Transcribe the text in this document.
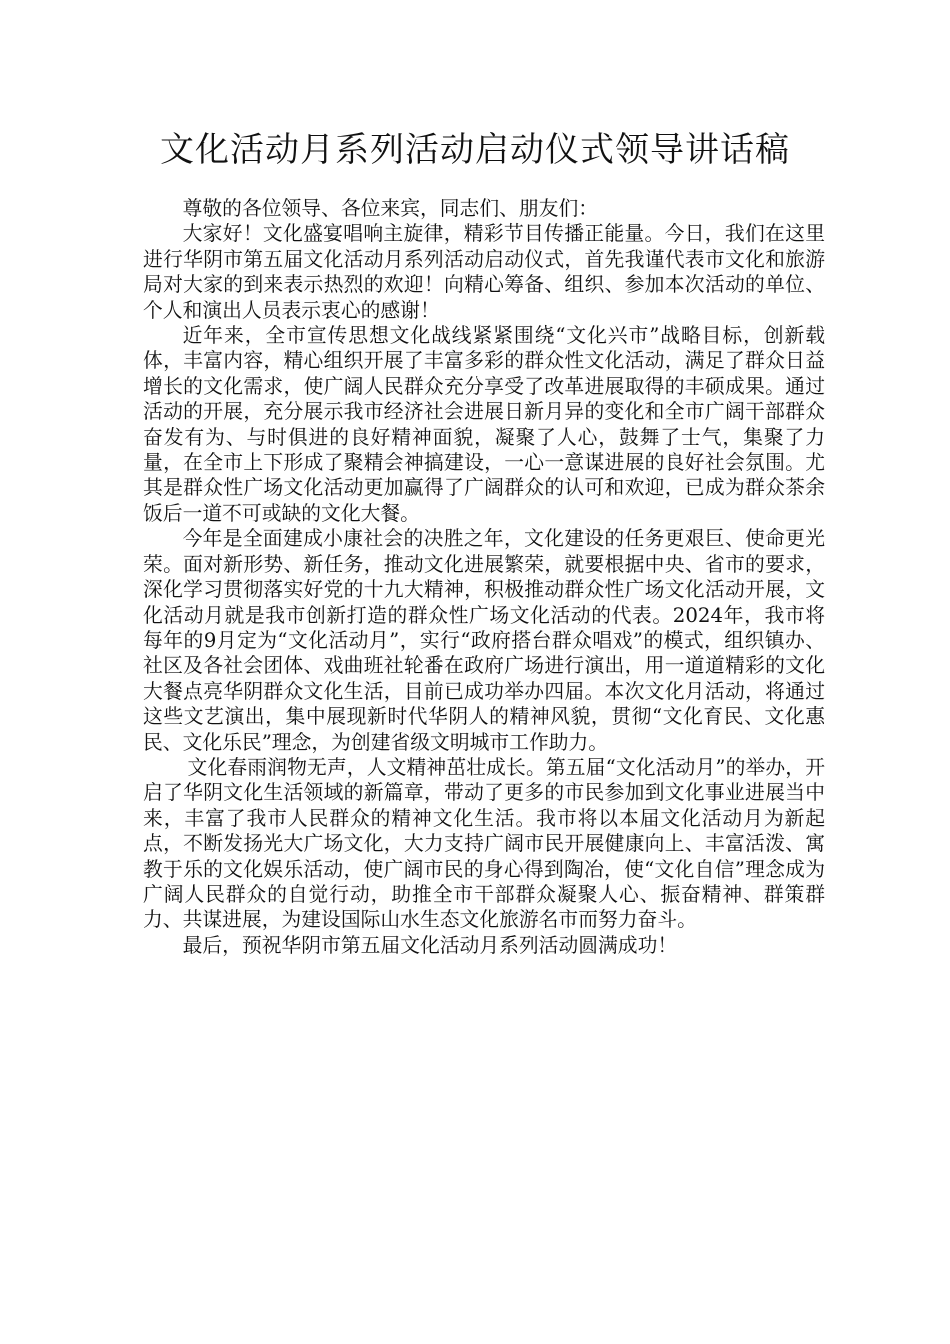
文化活动月系列活动启动仪式领导讲话稿

尊敬的各位领导、各位来宾，同志们、朋友们：

大家好！文化盛宴唱响主旋律，精彩节目传播正能量。今日，我们在这里进行华阴市第五届文化活动月系列活动启动仪式，首先我谨代表市文化和旅游局对大家的到来表示热烈的欢迎！向精心筹备、组织、参加本次活动的单位、个人和演出人员表示衷心的感谢！

近年来，全市宣传思想文化战线紧紧围绕“文化兴市”战略目标，创新载体，丰富内容，精心组织开展了丰富多彩的群众性文化活动，满足了群众日益增长的文化需求，使广阔人民群众充分享受了改革进展取得的丰硕成果。通过活动的开展，充分展示我市经济社会进展日新月异的变化和全市广阔干部群众奋发有为、与时俱进的良好精神面貌，凝聚了人心，鼓舞了士气，集聚了力量，在全市上下形成了聚精会神搞建设，一心一意谋进展的良好社会氛围。尤其是群众性广场文化活动更加赢得了广阔群众的认可和欢迎，已成为群众茶余饭后一道不可或缺的文化大餐。

今年是全面建成小康社会的决胜之年，文化建设的任务更艰巨、使命更光荣。面对新形势、新任务，推动文化进展繁荣，就要根据中央、省市的要求，深化学习贯彻落实好党的十九大精神，积极推动群众性广场文化活动开展，文化活动月就是我市创新打造的群众性广场文化活动的代表。2024年，我市将每年的9月定为“文化活动月”，实行“政府搭台群众唱戏”的模式，组织镇办、社区及各社会团体、戏曲班社轮番在政府广场进行演出，用一道道精彩的文化大餐点亮华阴群众文化生活，目前已成功举办四届。本次文化月活动，将通过这些文艺演出，集中展现新时代华阴人的精神风貌，贯彻“文化育民、文化惠民、文化乐民”理念，为创建省级文明城市工作助力。

文化春雨润物无声，人文精神茁壮成长。第五届“文化活动月”的举办，开启了华阴文化生活领域的新篇章，带动了更多的市民参加到文化事业进展当中来，丰富了我市人民群众的精神文化生活。我市将以本届文化活动月为新起点，不断发扬光大广场文化，大力支持广阔市民开展健康向上、丰富活泼、寓教于乐的文化娱乐活动，使广阔市民的身心得到陶冶，使“文化自信”理念成为广阔人民群众的自觉行动，助推全市干部群众凝聚人心、振奋精神、群策群力、共谋进展，为建设国际山水生态文化旅游名市而努力奋斗。

最后，预祝华阴市第五届文化活动月系列活动圆满成功！
